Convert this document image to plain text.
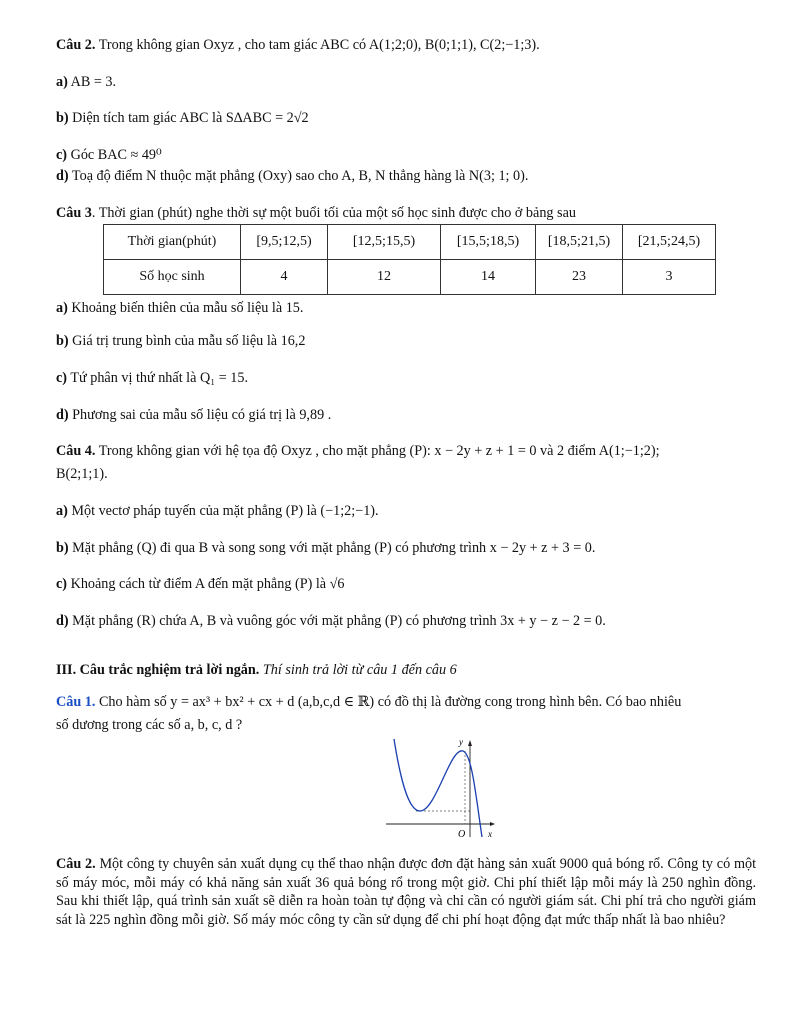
Câu 2. Trong không gian Oxyz , cho tam giác ABC có A(1;2;0), B(0;1;1), C(2;−1;3).

a) AB = 3.

b) Diện tích tam giác ABC là S∆ABC = 2√2

c) Góc BAC ≈ 49⁰

d) Toạ độ điểm N thuộc mặt phẳng (Oxy) sao cho A, B, N thẳng hàng là N(3; 1; 0).

Câu 3. Thời gian (phút) nghe thời sự một buổi tối của một số học sinh được cho ở bảng sau

Thời gian(phút)	[9,5;12,5)	[12,5;15,5)	[15,5;18,5)	[18,5;21,5)	[21,5;24,5)
Số học sinh	4	12	14	23	3

a) Khoảng biến thiên của mẫu số liệu là 15.

b) Giá trị trung bình của mẫu số liệu là 16,2

c) Tứ phân vị thứ nhất là Q₁ = 15.

d) Phương sai của mẫu số liệu có giá trị là 9,89 .

Câu 4. Trong không gian với hệ tọa độ Oxyz , cho mặt phẳng (P): x − 2y + z + 1 = 0 và 2 điểm A(1;−1;2);

B(2;1;1).

a) Một vectơ pháp tuyến của mặt phẳng (P) là (−1;2;−1).

b) Mặt phẳng (Q) đi qua B và song song với mặt phẳng (P) có phương trình x − 2y + z + 3 = 0.

c) Khoảng cách từ điểm A đến mặt phẳng (P) là √6

d) Mặt phẳng (R) chứa A, B và vuông góc với mặt phẳng (P) có phương trình 3x + y − z − 2 = 0.

III. Câu trắc nghiệm trả lời ngắn. Thí sinh trả lời từ câu 1 đến câu 6

Câu 1. Cho hàm số y = ax³ + bx² + cx + d (a,b,c,d ∈ ℝ) có đồ thị là đường cong trong hình bên. Có bao nhiêu

số dương trong các số a, b, c, d ?

O	x
y

Câu 2. Một công ty chuyên sản xuất dụng cụ thể thao nhận được đơn đặt hàng sản xuất 9000 quả bóng rổ. Công ty có một số máy móc, mỗi máy có khả năng sản xuất 36 quả bóng rổ trong một giờ. Chi phí thiết lập mỗi máy là 250 nghìn đồng. Sau khi thiết lập, quá trình sản xuất sẽ diễn ra hoàn toàn tự động và chỉ cần có người giám sát. Chi phí trả cho người giám sát là 225 nghìn đồng mỗi giờ. Số máy móc công ty cần sử dụng để chi phí hoạt động đạt mức thấp nhất là bao nhiêu?
